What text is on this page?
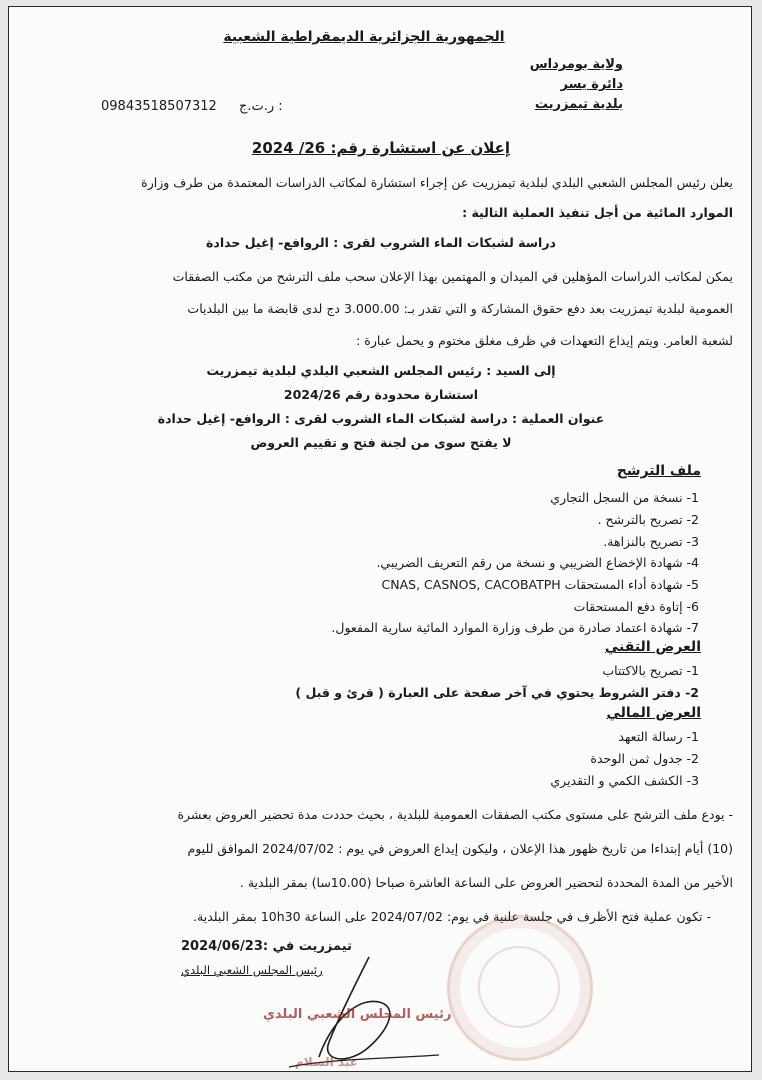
الجمهورية الجزائرية الديمقراطية الشعبية
ولاية بومرداس
دائرة يسر
بلدية تيمزريت
09843518507312 ر.ت.ج :
إعلان عن استشارة رقم: 26/ 2024
يعلن رئيس المجلس الشعبي البلدي لبلدية تيمزريت عن إجراء استشارة لمكاتب الدراسات المعتمدة من طرف وزارة
الموارد المائية من أجل تنفيذ العملية التالية :
دراسة لشبكات الماء الشروب لقرى : الروافع- إغيل حدادة
يمكن لمكاتب الدراسات المؤهلين في الميدان و المهتمين بهذا الإعلان سحب ملف الترشح من مكتب الصفقات
العمومية لبلدية تيمزريت بعد دفع حقوق المشاركة و التي تقدر بـ: 3.000.00 دج لدى قابضة ما بين البلديات
لشعبة العامر. ويتم إيداع التعهدات في ظرف مغلق مختوم و يحمل عبارة :
إلى السيد : رئيس المجلس الشعبي البلدي لبلدية تيمزريت
استشارة محدودة رقم 2024/26
عنوان العملية : دراسة لشبكات الماء الشروب لقرى : الروافع- إغيل حدادة
لا يفتح سوى من لجنة فتح و تقييم العروض
ملف الترشح
1- نسخة من السجل التجاري
2- تصريح بالترشح .
3- تصريح بالنزاهة.
4- شهادة الإخضاع الضريبي و نسخة من رقم التعريف الضريبي.
5- شهادة أداء المستحقات CNAS, CASNOS, CACOBATPH
6- إتاوة دفع المستحقات
7- شهادة اعتماد صادرة من طرف وزارة الموارد المائية سارية المفعول.
العرض التقني
1- تصريح بالاكتتاب
2- دفتر الشروط يحتوي في آخر صفحة على العبارة ( قرئ و قبل )
العرض المالي
1- رسالة التعهد
2- جدول ثمن الوحدة
3- الكشف الكمي و التقديري
- يودع ملف الترشح على مستوى مكتب الصفقات العمومية للبلدية ، بحيث حددت مدة تحضير العروض بعشرة
(10) أيام إبتداءا من تاريخ ظهور هذا الإعلان ، وليكون إيداع العروض في يوم : 2024/07/02 الموافق لليوم
الأخير من المدة المحددة لتحضير العروض على الساعة العاشرة صباحا (10.00سا) بمقر البلدية .
- تكون عملية فتح الأظرف في جلسة علنية في يوم: 2024/07/02 على الساعة 10h30 بمقر البلدية.
تيمزريت في :2024/06/23
رئيس المجلس الشعبي البلدي
رئيس المجلس الشعبي البلدي
عبد السلام
